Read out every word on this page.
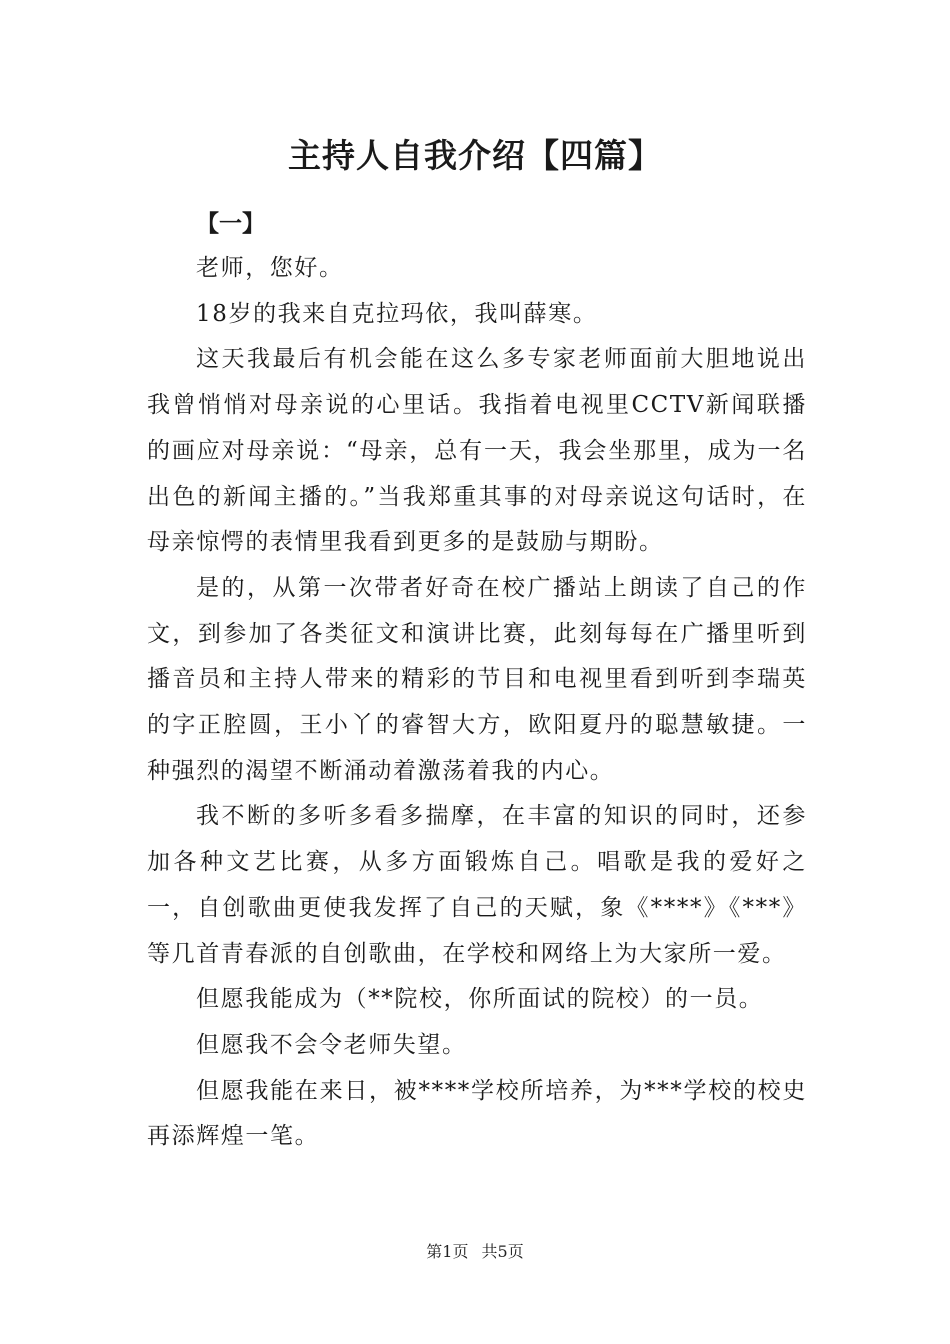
主持人自我介绍【四篇】
【一】

老师，您好。

18岁的我来自克拉玛依，我叫薛寒。

这天我最后有机会能在这么多专家老师面前大胆地说出我曾悄悄对母亲说的心里话。我指着电视里CCTV新闻联播的画应对母亲说：“母亲，总有一天，我会坐那里，成为一名出色的新闻主播的。”当我郑重其事的对母亲说这句话时，在母亲惊愕的表情里我看到更多的是鼓励与期盼。

是的，从第一次带者好奇在校广播站上朗读了自己的作文，到参加了各类征文和演讲比赛，此刻每每在广播里听到播音员和主持人带来的精彩的节目和电视里看到听到李瑞英的字正腔圆，王小丫的睿智大方，欧阳夏丹的聪慧敏捷。一种强烈的渴望不断涌动着激荡着我的内心。

我不断的多听多看多揣摩，在丰富的知识的同时，还参加各种文艺比赛，从多方面锻炼自己。唱歌是我的爱好之一，自创歌曲更使我发挥了自己的天赋，象《****》《***》等几首青春派的自创歌曲，在学校和网络上为大家所一爱。

但愿我能成为（**院校，你所面试的院校）的一员。

但愿我不会令老师失望。

但愿我能在来日，被****学校所培养，为***学校的校史再添辉煌一笔。

第1页 共5页
